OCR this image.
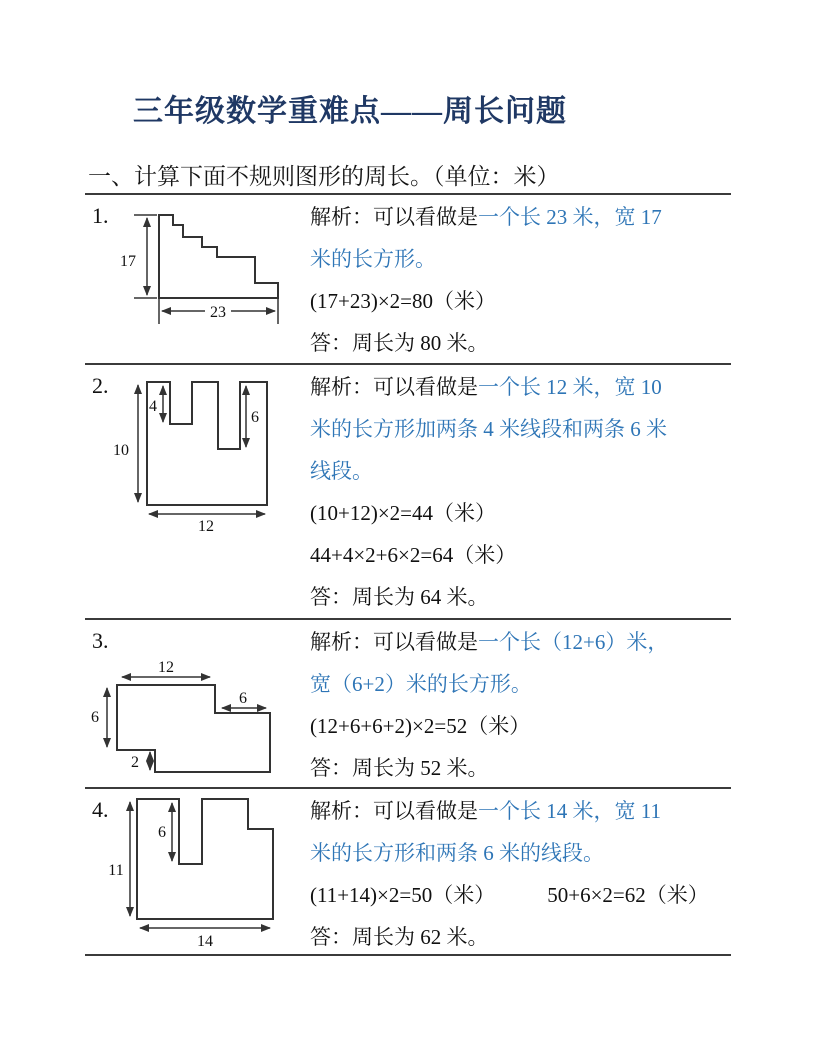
三年级数学重难点——周长问题
一、计算下面不规则图形的周长。（单位：米）
1.
17
23
解析：可以看做是一个长 23 米，宽 17
米的长方形。
(17+23)×2=80（米）
答：周长为 80 米。
2.
10
4
6
12
解析：可以看做是一个长 12 米，宽 10
米的长方形加两条 4 米线段和两条 6 米
线段。
(10+12)×2=44（米）
44+4×2+6×2=64（米）
答：周长为 64 米。
3.
12
6
6
2
解析：可以看做是一个长（12+6）米，
宽（6+2）米的长方形。
(12+6+6+2)×2=52（米）
答：周长为 52 米。
4.
11
6
14
解析：可以看做是一个长 14 米，宽 11
米的长方形和两条 6 米的线段。
(11+14)×2=50（米） 50+6×2=62（米）
答：周长为 62 米。
